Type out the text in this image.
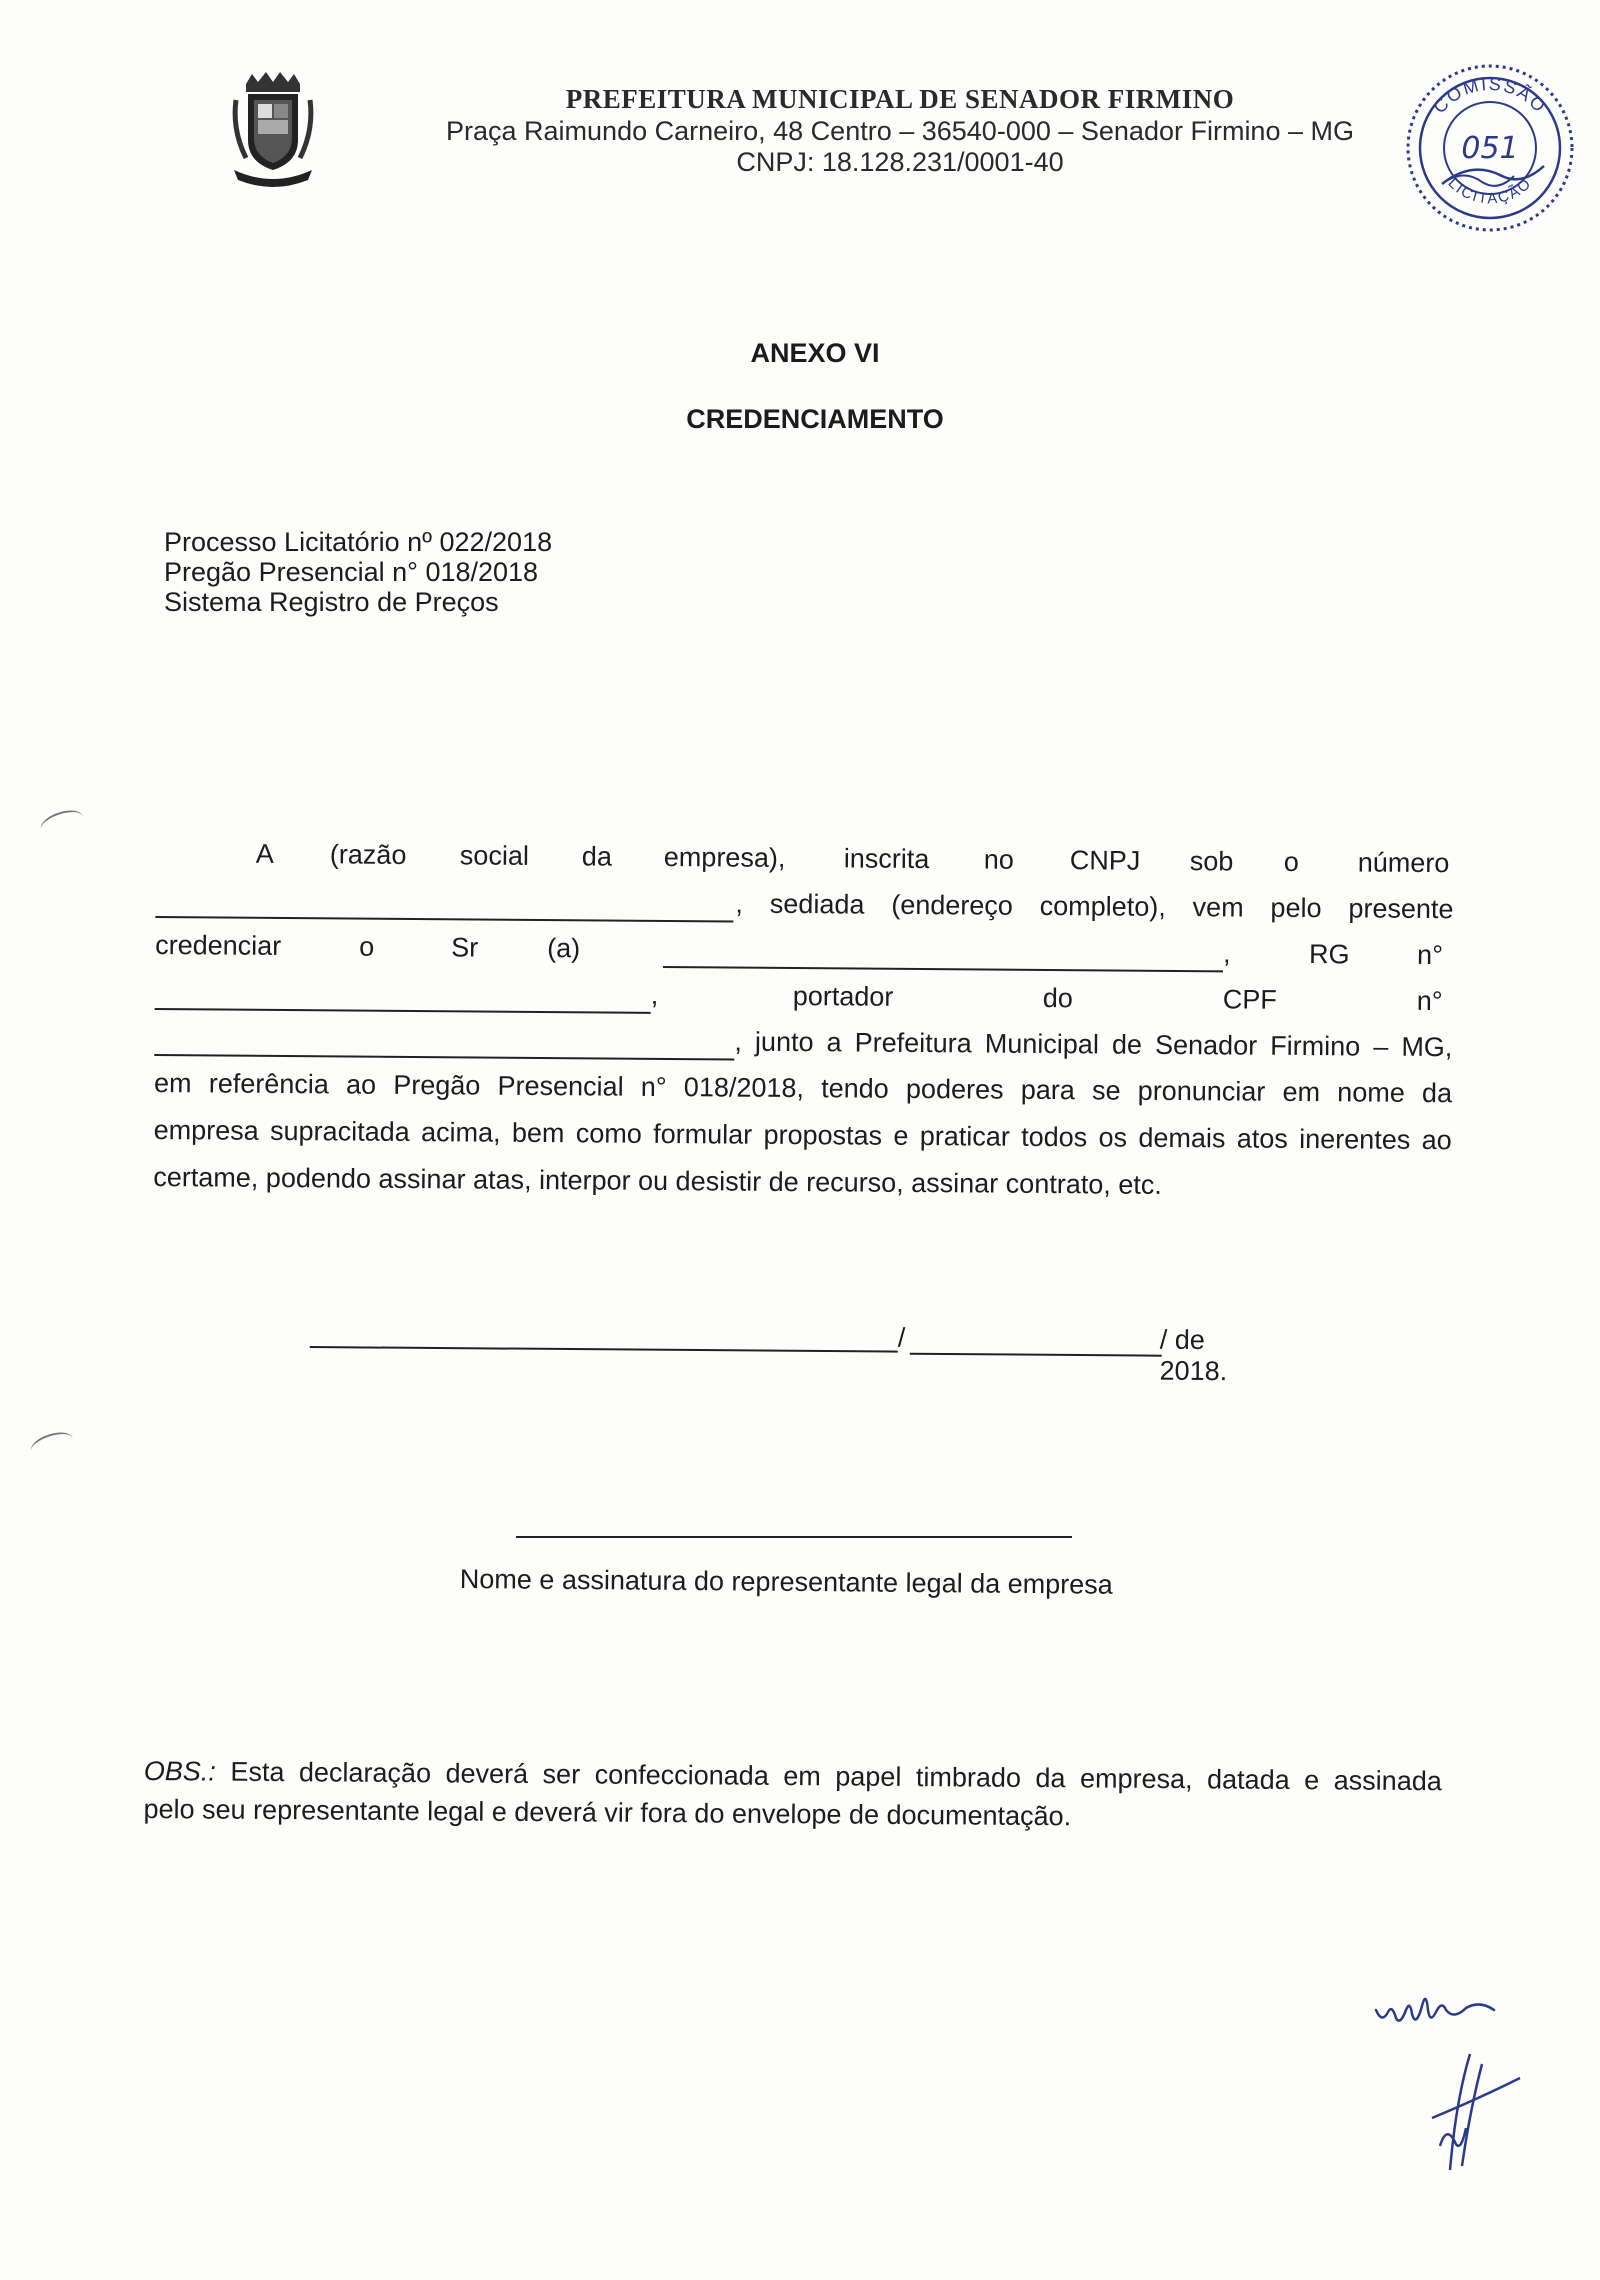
PREFEITURA MUNICIPAL DE SENADOR FIRMINO
Praça Raimundo Carneiro, 48 Centro – 36540-000 – Senador Firmino – MG
CNPJ: 18.128.231/0001-40
COMISSÃO
LICITAÇÃO
051
ANEXO VI
CREDENCIAMENTO
Processo Licitatório nº 022/2018
Pregão Presencial n° 018/2018
Sistema Registro de Preços
A (razão social da empresa), inscrita no CNPJ sob o número
, sediada (endereço completo), vem pelo presente
credenciar	o	Sr	(a)	,	RG n°
,	portador	do	CPF	n°
, junto a Prefeitura Municipal de Senador Firmino – MG,
em referência ao Pregão Presencial n° 018/2018, tendo poderes para se pronunciar em nome da
empresa supracitada acima, bem como formular propostas e praticar todos os demais atos inerentes ao
certame, podendo assinar atas, interpor ou desistir de recurso, assinar contrato, etc.
/	/ de 2018.
Nome e assinatura do representante legal da empresa
OBS.: Esta declaração deverá ser confeccionada em papel timbrado da empresa, datada e assinada
pelo seu representante legal e deverá vir fora do envelope de documentação.
